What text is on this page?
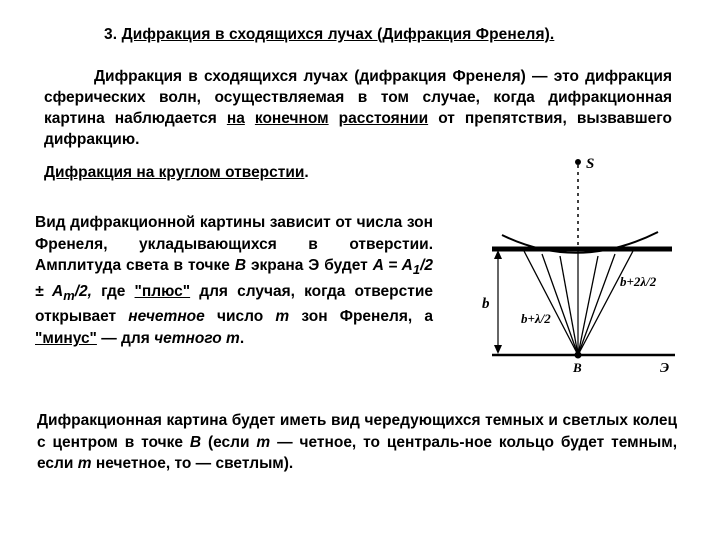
3. Дифракция в сходящихся лучах (Дифракция Френеля).
Дифракция в сходящихся лучах (дифракция Френеля) — это дифракция сферических волн, осуществляемая в том случае, когда дифракционная картина наблюдается на конечном расстоянии от препятствия, вызвавшего дифракцию.
Дифракция на круглом отверстии.
Вид дифракционной картины зависит от числа зон Френеля, укладывающихся в отверстии. Амплитуда света в точке B экрана Э будет $A = A_1/2 \pm A_m/2$, где "плюс" для случая, когда отверстие открывает нечетное число m зон Френеля, а "минус" — для четного m.
Дифракционная картина будет иметь вид чередующихся темных и светлых колец с центром в точке B (если m — четное, то централь-ное кольцо будет темным, если m нечетное, то — светлым).
S
b
b+λ/2
b+2λ/2
B	Э
